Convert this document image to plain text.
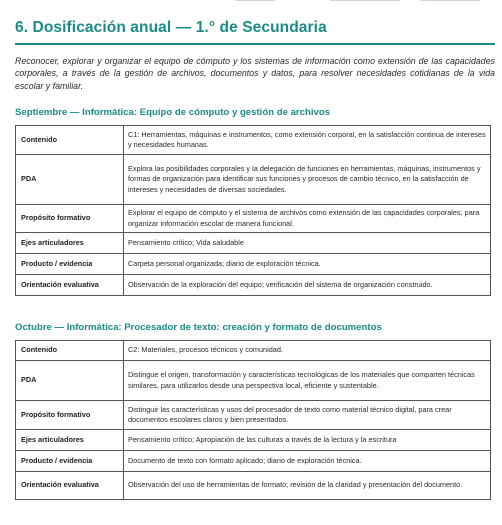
6. Dosificación anual — 1.° de Secundaria

Reconocer, explorar y organizar el equipo de cómputo y los sistemas de información como extensión de las capacidades corporales, a través de la gestión de archivos, documentos y datos, para resolver necesidades cotidianas de la vida escolar y familiar.

Septiembre — Informática: Equipo de cómputo y gestión de archivos
Contenido	C1: Herramientas, máquinas e instrumentos, como extensión corporal, en la satisfacción continua de intereses y necesidades humanas.
PDA	Explora las posibilidades corporales y la delegación de funciones en herramientas, máquinas, instrumentos y formas de organización para identificar sus funciones y procesos de cambio técnico, en la satisfacción de intereses y necesidades de diversas sociedades.
Propósito formativo	Explorar el equipo de cómputo y el sistema de archivos como extensión de las capacidades corporales, para organizar información escolar de manera funcional.
Ejes articuladores	Pensamiento crítico; Vida saludable
Producto / evidencia	Carpeta personal organizada; diario de exploración técnica.
Orientación evaluativa	Observación de la exploración del equipo; verificación del sistema de organización construido.
Octubre — Informática: Procesador de texto: creación y formato de documentos
Contenido	C2: Materiales, procesos técnicos y comunidad.
PDA	Distingue el origen, transformación y características tecnológicas de los materiales que comparten técnicas similares, para utilizarlos desde una perspectiva local, eficiente y sustentable.
Propósito formativo	Distinguir las características y usos del procesador de texto como material técnico digital, para crear documentos escolares claros y bien presentados.
Ejes articuladores	Pensamiento crítico; Apropiación de las culturas a través de la lectura y la escritura
Producto / evidencia	Documento de texto con formato aplicado; diario de exploración técnica.
Orientación evaluativa	Observación del uso de herramientas de formato; revisión de la claridad y presentación del documento.
